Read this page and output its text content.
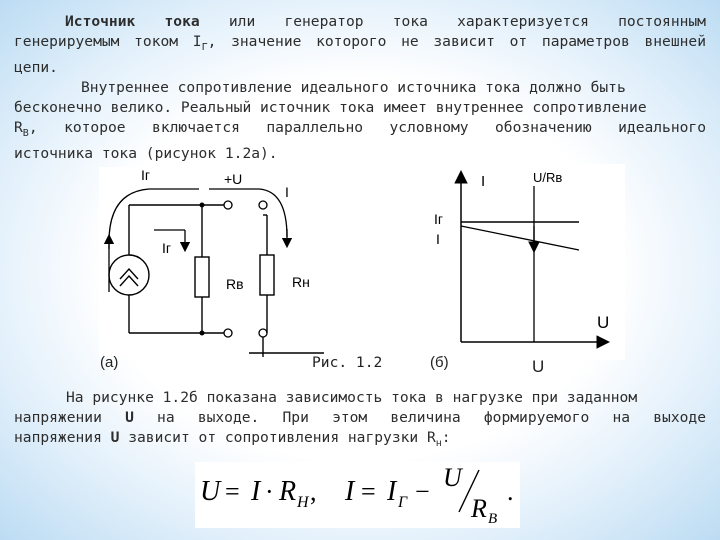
Источник тока или генератор тока характеризуется постоянным
генерируемым током $I_Г$, значение которого не зависит от параметров внешней
цепи.

Внутреннее сопротивление идеального источника тока должно быть
бесконечно велико. Реальный источник тока имеет внутреннее сопротивление
$R_В$, которое включается параллельно условному обозначению идеального
источника тока (рисунок 1.2а).

Iг	+U
I
Iг
Rв	Rн
I	U/Rв
Iг
I
U
(а)	Рис. 1.2	(б)	U

На рисунке 1.2б показана зависимость тока в нагрузке при заданном
напряжении U на выходе. При этом величина формируемого на выходе
напряжения U зависит от сопротивления нагрузки $R_н$:

U = I · R Н , I = I Г − U
R В
.
